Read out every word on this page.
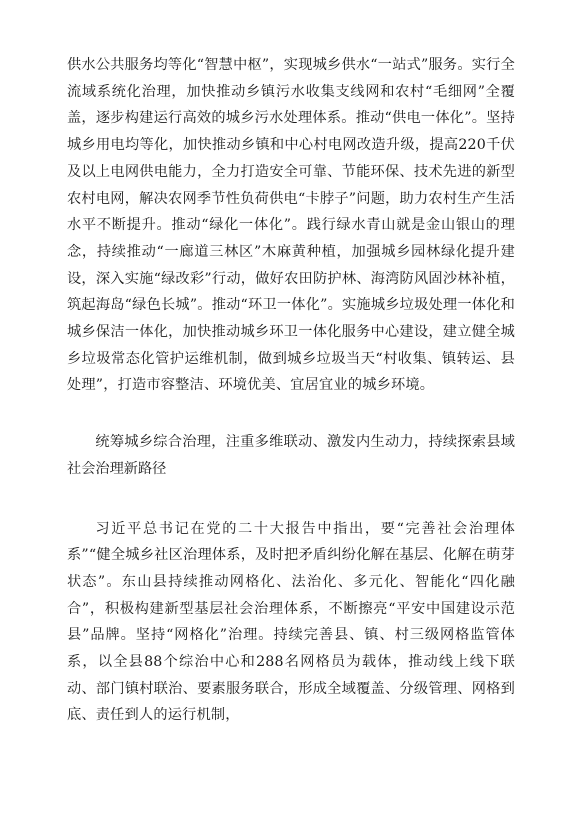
供水公共服务均等化“智慧中枢”，实现城乡供水“一站式”服务。实行全流域系统化治理，加快推动乡镇污水收集支线网和农村“毛细网”全覆盖，逐步构建运行高效的城乡污水处理体系。推动“供电一体化”。坚持城乡用电均等化，加快推动乡镇和中心村电网改造升级，提高220千伏及以上电网供电能力，全力打造安全可靠、节能环保、技术先进的新型农村电网，解决农网季节性负荷供电“卡脖子”问题，助力农村生产生活水平不断提升。推动“绿化一体化”。践行绿水青山就是金山银山的理念，持续推动“一廊道三林区”木麻黄种植，加强城乡园林绿化提升建设，深入实施“绿改彩”行动，做好农田防护林、海湾防风固沙林补植，筑起海岛“绿色长城”。推动“环卫一体化”。实施城乡垃圾处理一体化和城乡保洁一体化，加快推动城乡环卫一体化服务中心建设，建立健全城乡垃圾常态化管护运维机制，做到城乡垃圾当天“村收集、镇转运、县处理”，打造市容整洁、环境优美、宜居宜业的城乡环境。

统筹城乡综合治理，注重多维联动、激发内生动力，持续探索县域社会治理新路径

习近平总书记在党的二十大报告中指出，要“完善社会治理体系”“健全城乡社区治理体系，及时把矛盾纠纷化解在基层、化解在萌芽状态”。东山县持续推动网格化、法治化、多元化、智能化“四化融合”，积极构建新型基层社会治理体系，不断擦亮“平安中国建设示范县”品牌。坚持“网格化”治理。持续完善县、镇、村三级网格监管体系，以全县88个综治中心和288名网格员为载体，推动线上线下联动、部门镇村联治、要素服务联合，形成全域覆盖、分级管理、网格到底、责任到人的运行机制，
